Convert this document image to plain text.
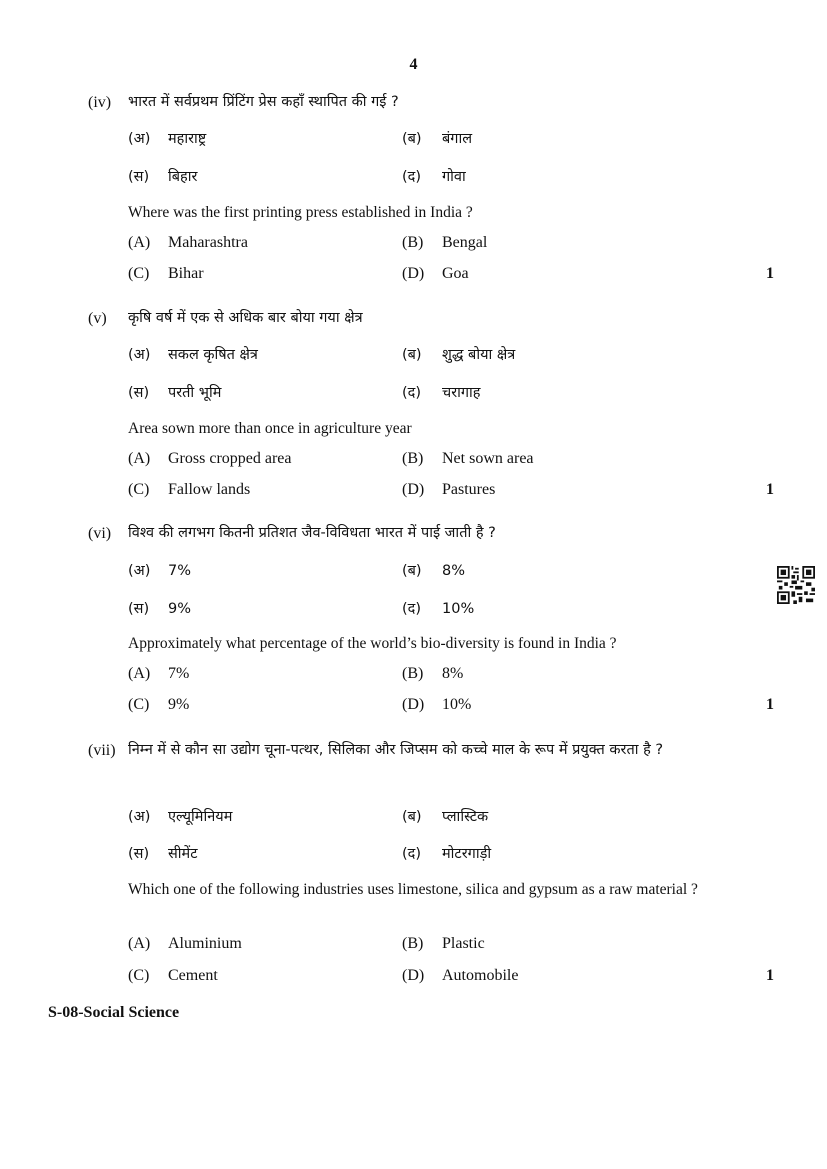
4
(iv) भारत में सर्वप्रथम प्रिंटिंग प्रेस कहाँ स्थापित की गई ?
(अ) महाराष्ट्र	(ब) बंगाल
(स) बिहार	(द) गोवा
Where was the first printing press established in India ?
(A) Maharashtra	(B) Bengal
(C) Bihar	(D) Goa	1
(v) कृषि वर्ष में एक से अधिक बार बोया गया क्षेत्र
(अ) सकल कृषित क्षेत्र	(ब) शुद्ध बोया क्षेत्र
(स) परती भूमि	(द) चरागाह
Area sown more than once in agriculture year
(A) Gross cropped area	(B) Net sown area
(C) Fallow lands	(D) Pastures	1
(vi) विश्व की लगभग कितनी प्रतिशत जैव-विविधता भारत में पाई जाती है ?
(अ) 7%	(ब) 8%
(स) 9%	(द) 10%
Approximately what percentage of the world’s bio-diversity is found in India ?
(A) 7%	(B) 8%
(C) 9%	(D) 10%	1
(vii) निम्न में से कौन सा उद्योग चूना-पत्थर, सिलिका और जिप्सम को कच्चे माल के रूप में प्रयुक्त करता है ?
(अ) एल्यूमिनियम	(ब) प्लास्टिक
(स) सीमेंट	(द) मोटरगाड़ी
Which one of the following industries uses limestone, silica and gypsum as a raw material ?
(A) Aluminium	(B) Plastic
(C) Cement	(D) Automobile	1
S-08-Social Science
